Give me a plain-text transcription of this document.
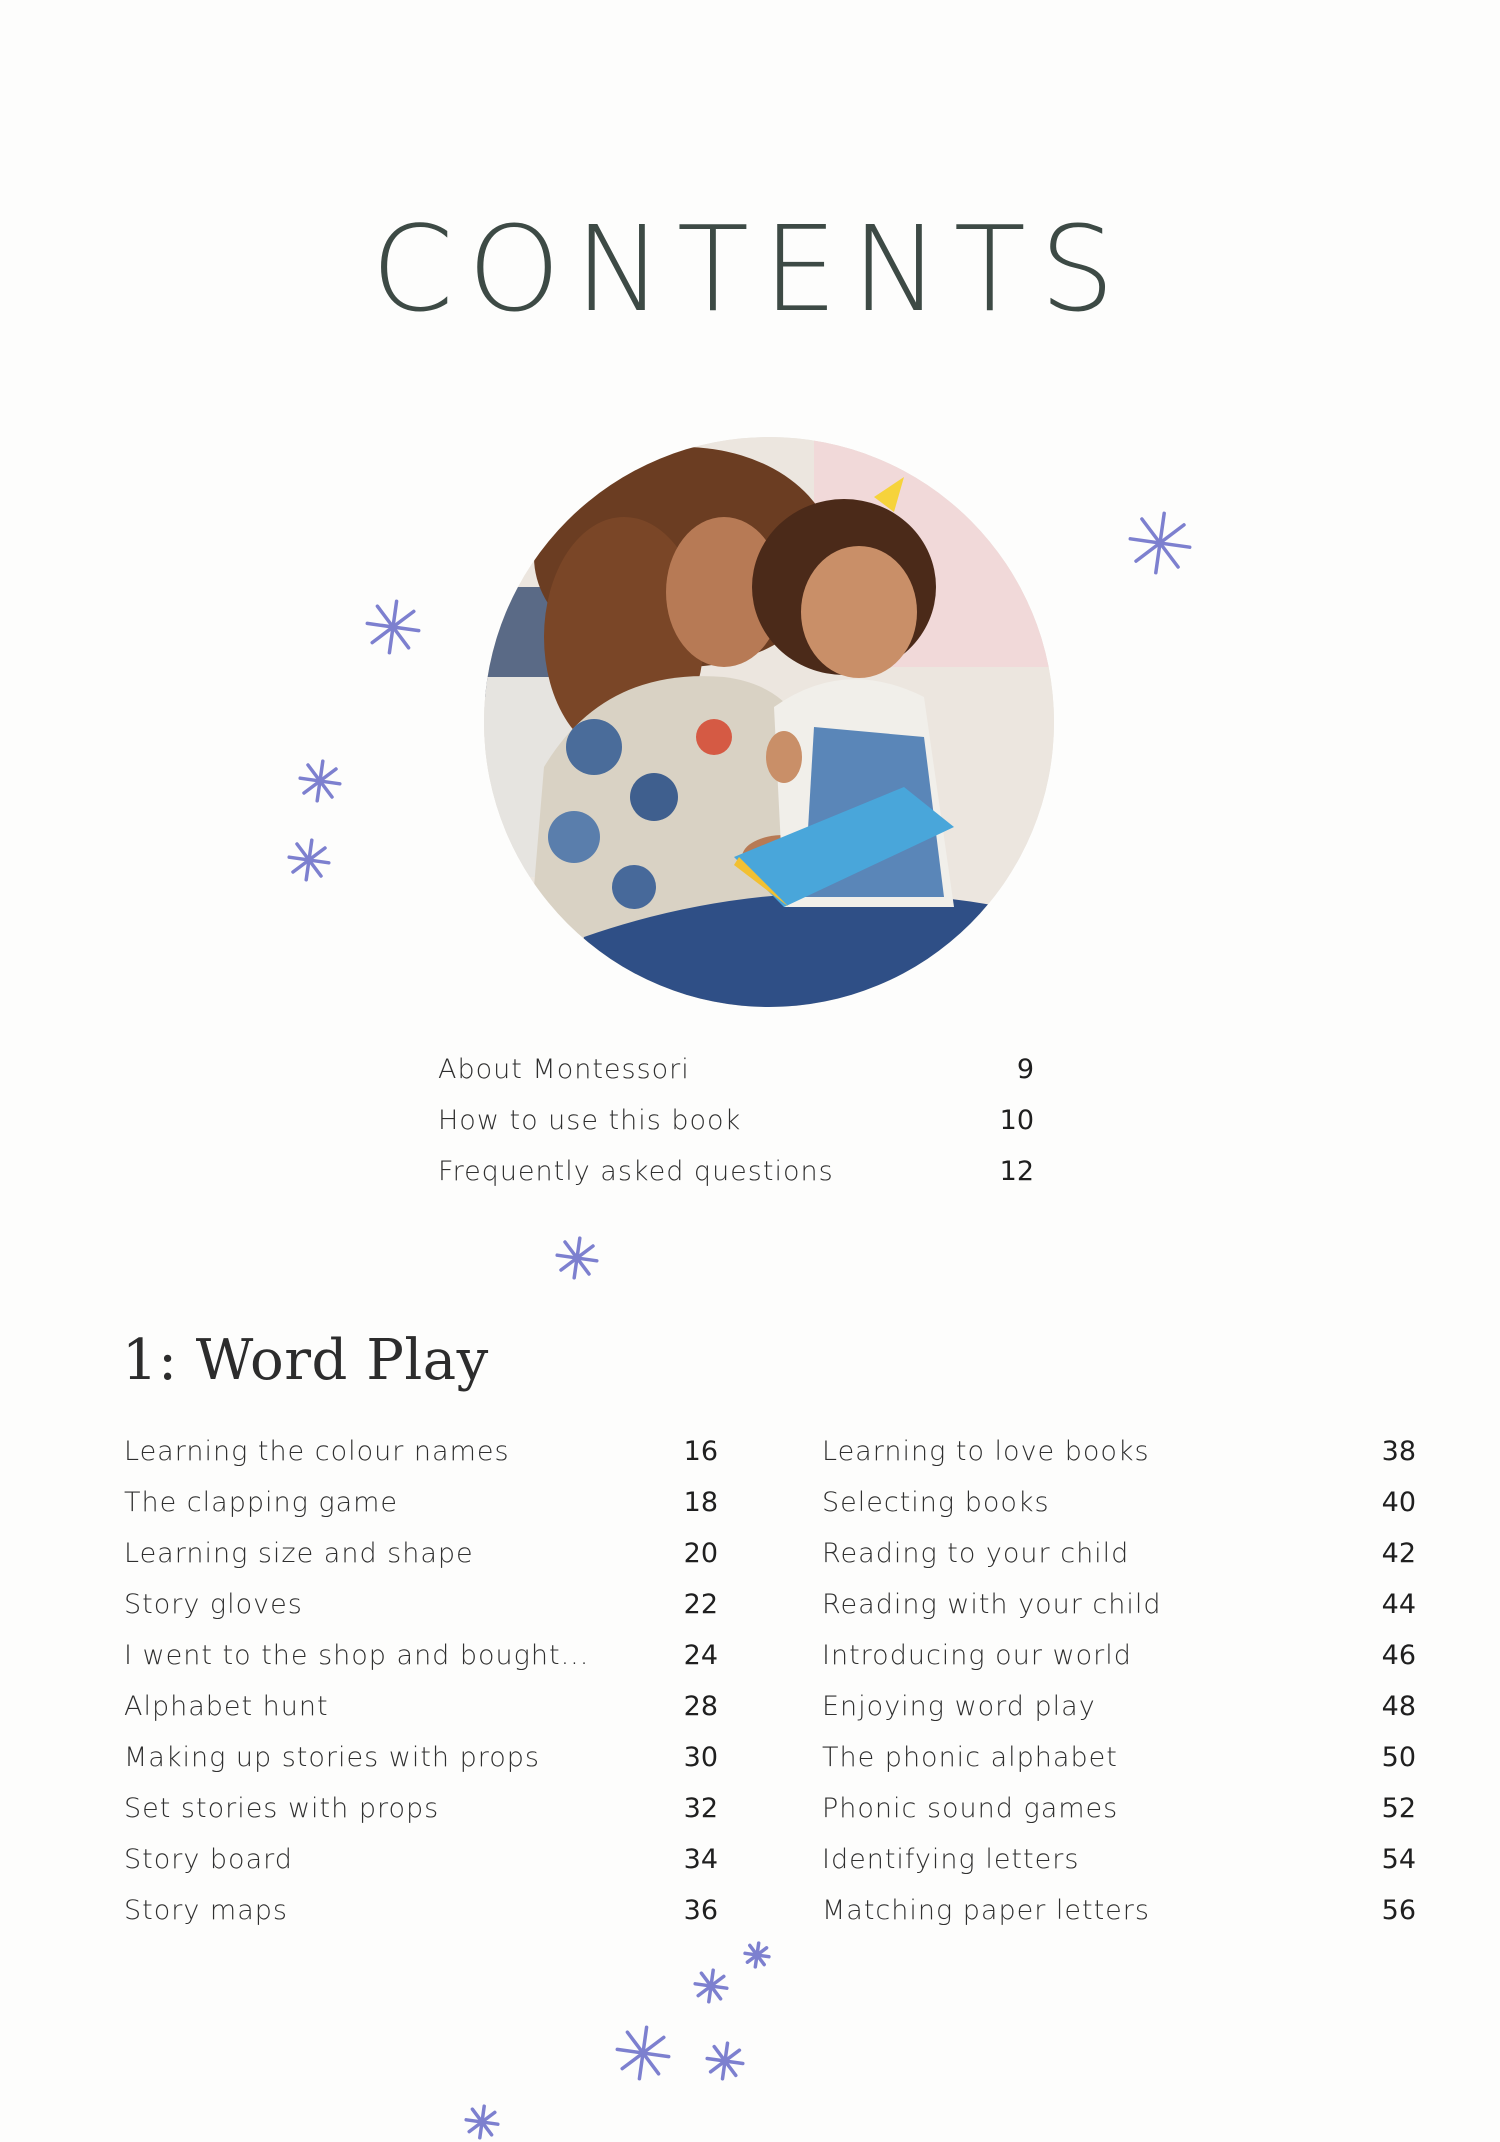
CONTENTS
About Montessori	9
How to use this book	10
Frequently asked questions	12
1: Word Play
Learning the colour names	16
The clapping game	18
Learning size and shape	20
Story gloves	22
I went to the shop and bought...	24
Alphabet hunt	28
Making up stories with props	30
Set stories with props	32
Story board	34
Story maps	36
Learning to love books	38
Selecting books	40
Reading to your child	42
Reading with your child	44
Introducing our world	46
Enjoying word play	48
The phonic alphabet	50
Phonic sound games	52
Identifying letters	54
Matching paper letters	56
